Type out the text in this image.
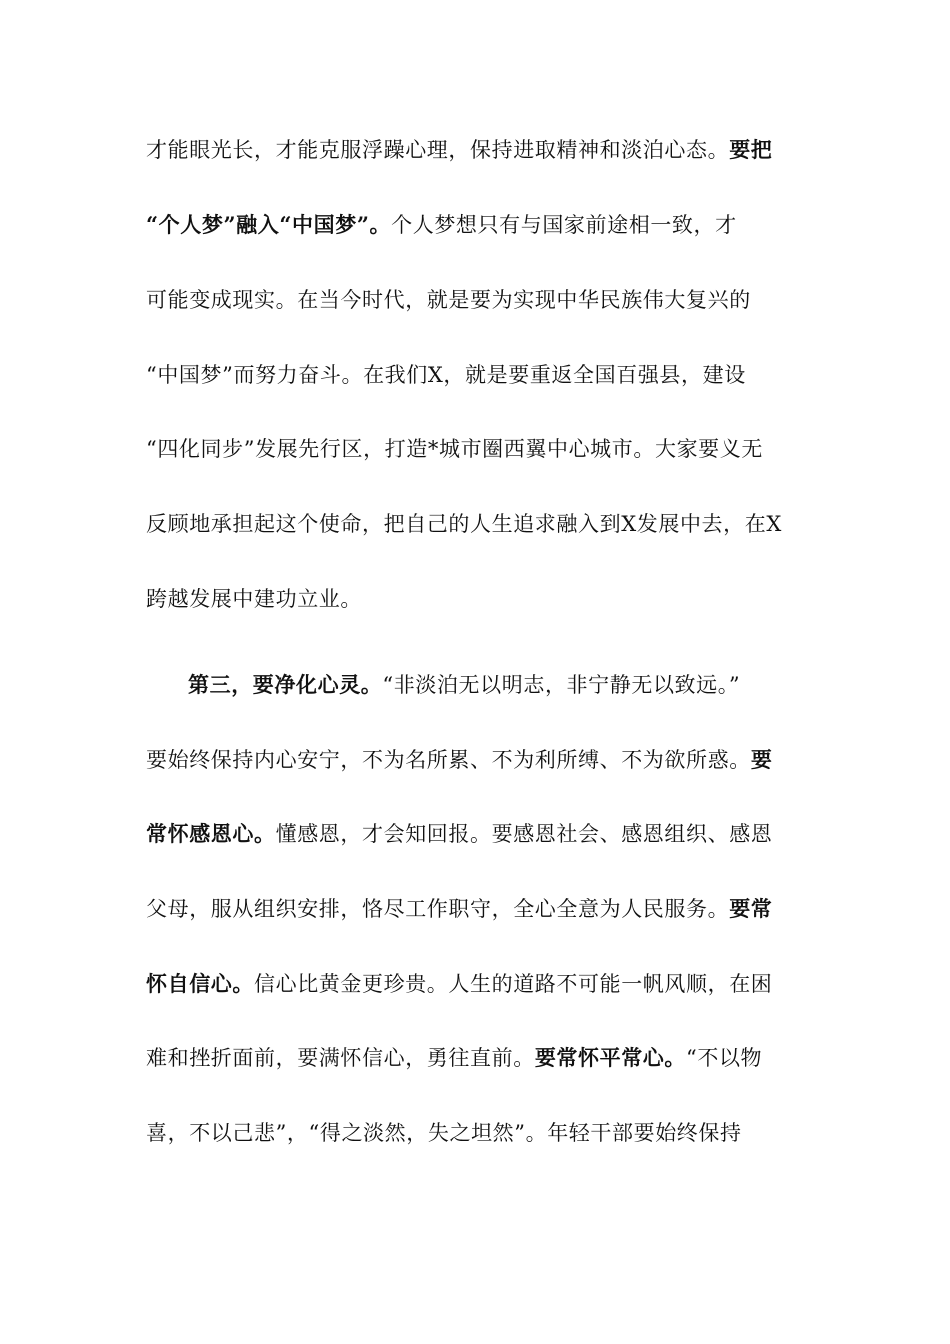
才能眼光长，才能克服浮躁心理，保持进取精神和淡泊心态。要把
“个人梦”融入“中国梦”。个人梦想只有与国家前途相一致，才
可能变成现实。在当今时代，就是要为实现中华民族伟大复兴的
“中国梦”而努力奋斗。在我们X，就是要重返全国百强县，建设
“四化同步”发展先行区，打造*城市圈西翼中心城市。大家要义无
反顾地承担起这个使命，把自己的人生追求融入到X发展中去，在X
跨越发展中建功立业。
第三，要净化心灵。“非淡泊无以明志，非宁静无以致远。”
要始终保持内心安宁，不为名所累、不为利所缚、不为欲所惑。要
常怀感恩心。懂感恩，才会知回报。要感恩社会、感恩组织、感恩
父母，服从组织安排，恪尽工作职守，全心全意为人民服务。要常
怀自信心。信心比黄金更珍贵。人生的道路不可能一帆风顺，在困
难和挫折面前，要满怀信心，勇往直前。要常怀平常心。“不以物
喜，不以己悲”，“得之淡然，失之坦然”。年轻干部要始终保持
